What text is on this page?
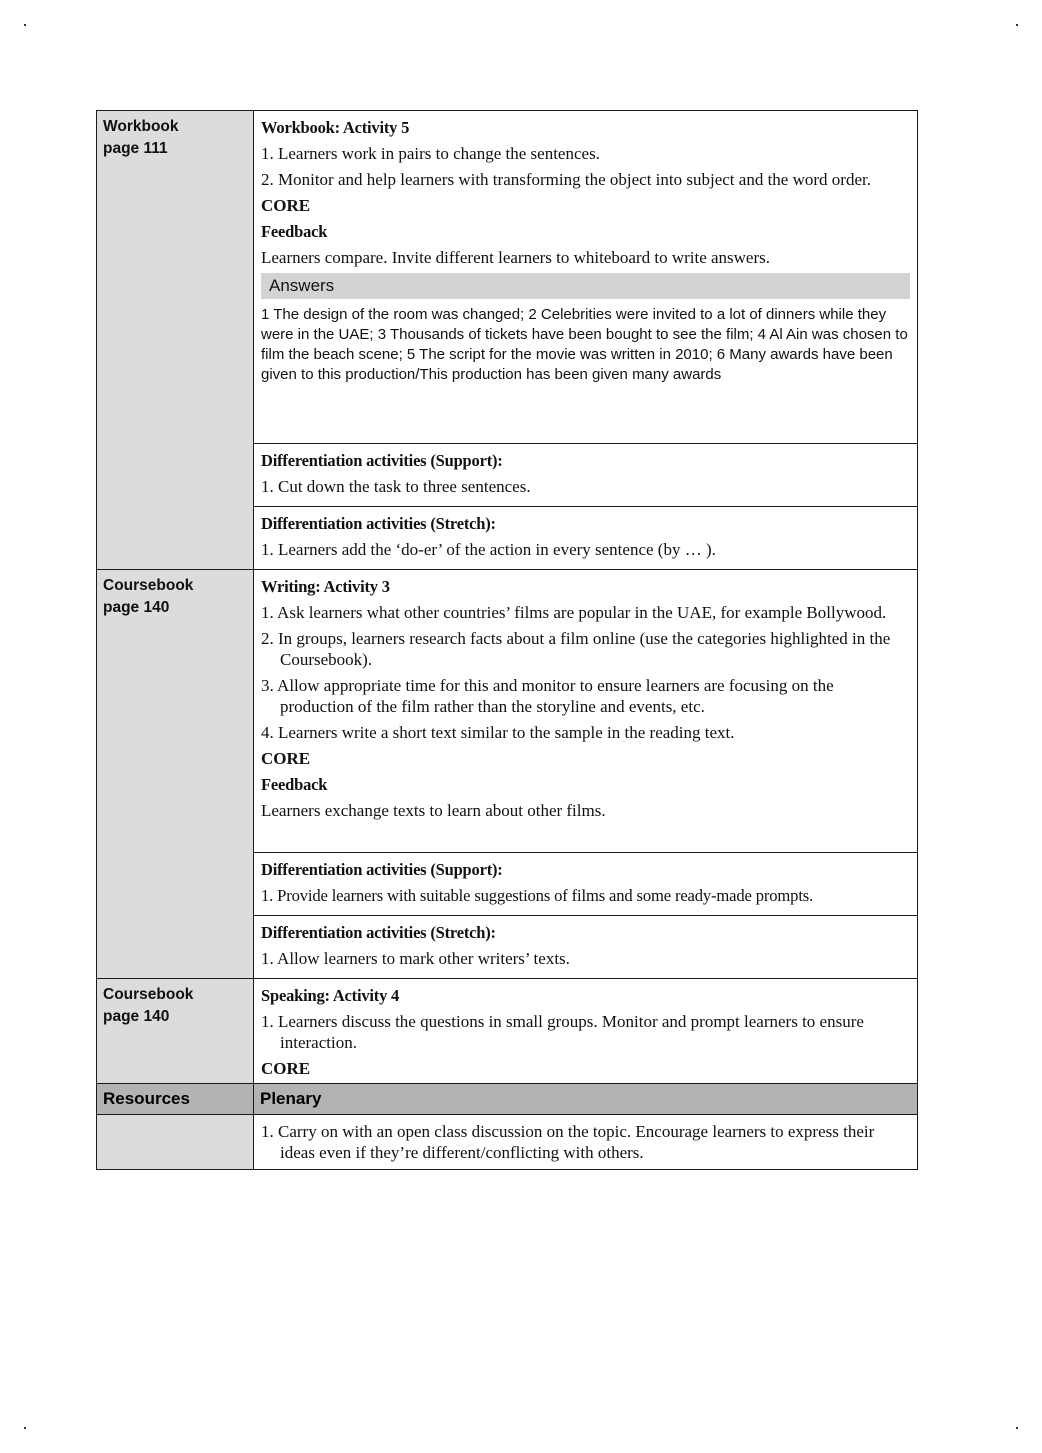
Workbook
page 111

Workbook: Activity 5
1. Learners work in pairs to change the sentences.
2. Monitor and help learners with transforming the object into subject and the word order.
CORE
Feedback
Learners compare. Invite different learners to whiteboard to write answers.
Answers
1 The design of the room was changed; 2 Celebrities were invited to a lot of dinners while they were in the UAE; 3 Thousands of tickets have been bought to see the film; 4 Al Ain was chosen to film the beach scene; 5 The script for the movie was written in 2010; 6 Many awards have been given to this production/This production has been given many awards

	Differentiation activities (Support):
1. Cut down the task to three sentences.

	Differentiation activities (Stretch):
1. Learners add the ‘do-er’ of the action in every sentence (by … ).

Coursebook
page 140

Writing: Activity 3
1. Ask learners what other countries’ films are popular in the UAE, for example Bollywood.
2. In groups, learners research facts about a film online (use the categories highlighted in the Coursebook).
3. Allow appropriate time for this and monitor to ensure learners are focusing on the production of the film rather than the storyline and events, etc.
4. Learners write a short text similar to the sample in the reading text.
CORE
Feedback
Learners exchange texts to learn about other films.

	Differentiation activities (Support):
1. Provide learners with suitable suggestions of films and some ready-made prompts.

	Differentiation activities (Stretch):
1. Allow learners to mark other writers’ texts.

Coursebook
page 140

Speaking: Activity 4
1. Learners discuss the questions in small groups. Monitor and prompt learners to ensure interaction.
CORE

Resources	Plenary

	1. Carry on with an open class discussion on the topic. Encourage learners to express their ideas even if they’re different/conflicting with others.
